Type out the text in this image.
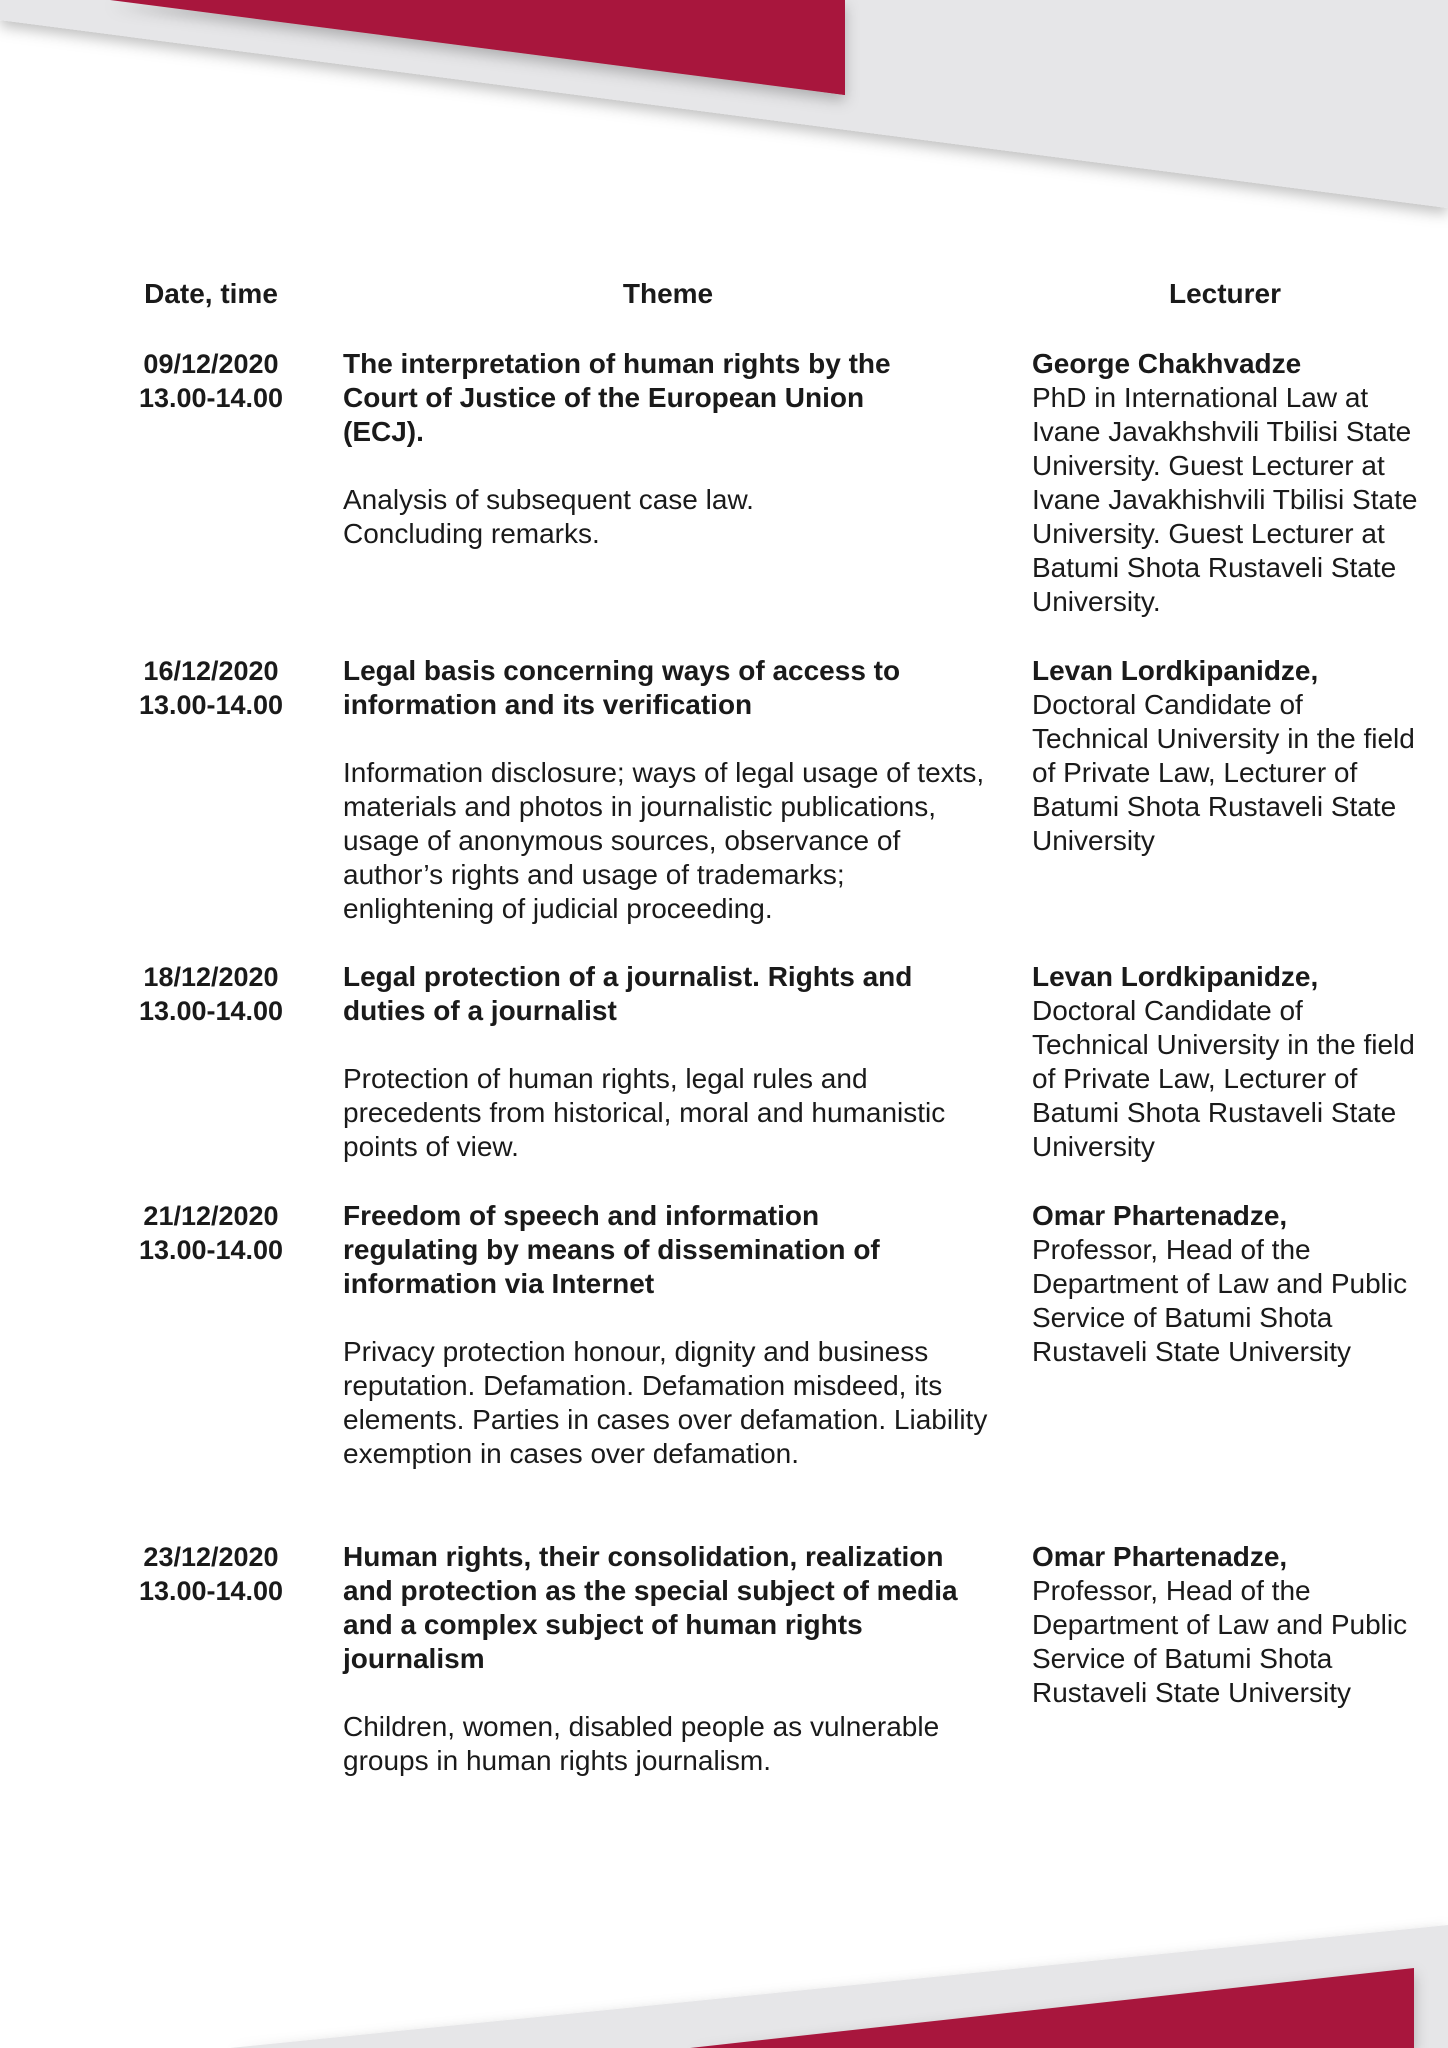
Date, time	Theme	Lecturer

09/12/2020

13.00-14.00

The interpretation of human rights by the Court of Justice of the European Union (ECJ).

Analysis of subsequent case law. Concluding remarks.

George Chakhvadze
PhD in International Law at Ivane Javakhshvili Tbilisi State University. Guest Lecturer at Ivane Javakhishvili Tbilisi State University. Guest Lecturer at Batumi Shota Rustaveli State University.

16/12/2020

13.00-14.00

Legal basis concerning ways of access to information and its verification

Information disclosure; ways of legal usage of texts, materials and photos in journalistic publications, usage of anonymous sources, observance of author’s rights and usage of trademarks; enlightening of judicial proceeding.

Levan Lordkipanidze,
Doctoral Candidate of Technical University in the field of Private Law, Lecturer of Batumi Shota Rustaveli State University

18/12/2020

13.00-14.00

Legal protection of a journalist. Rights and duties of a journalist

Protection of human rights, legal rules and precedents from historical, moral and humanistic points of view.

Levan Lordkipanidze,
Doctoral Candidate of Technical University in the field of Private Law, Lecturer of Batumi Shota Rustaveli State University

21/12/2020

13.00-14.00

Freedom of speech and information regulating by means of dissemination of information via Internet

Privacy protection honour, dignity and business reputation. Defamation. Defamation misdeed, its elements. Parties in cases over defamation. Liability exemption in cases over defamation.

Omar Phartenadze,
Professor, Head of the Department of Law and Public Service of Batumi Shota Rustaveli State University

23/12/2020

13.00-14.00

Human rights, their consolidation, realization and protection as the special subject of media and a complex subject of human rights journalism

Children, women, disabled people as vulnerable groups in human rights journalism.

Omar Phartenadze,
Professor, Head of the Department of Law and Public Service of Batumi Shota Rustaveli State University
